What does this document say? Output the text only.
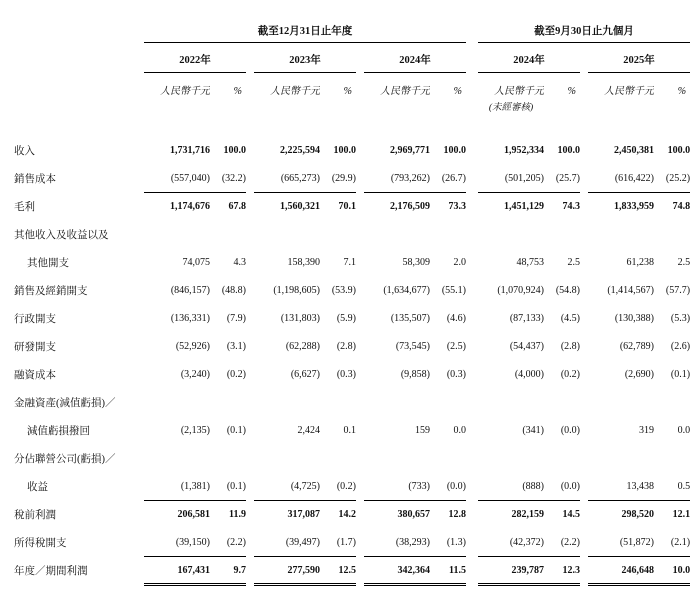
	截至12月31日止年度									截至9月30日止九個月				
	2022年			2023年			2024年			2024年			2025年	
	人民幣千元	%		人民幣千元	%		人民幣千元	%		人民幣千元	%		人民幣千元	%
										(未經審核)				

收入	1,731,716	100.0		2,225,594	100.0		2,969,771	100.0		1,952,334	100.0		2,450,381	100.0
銷售成本	(557,040)	(32.2)		(665,273)	(29.9)		(793,262)	(26.7)		(501,205)	(25.7)		(616,422)	(25.2)
毛利	1,174,676	67.8		1,560,321	70.1		2,176,509	73.3		1,451,129	74.3		1,833,959	74.8
其他收入及收益以及														
其他開支	74,075	4.3		158,390	7.1		58,309	2.0		48,753	2.5		61,238	2.5
銷售及經銷開支	(846,157)	(48.8)		(1,198,605)	(53.9)		(1,634,677)	(55.1)		(1,070,924)	(54.8)		(1,414,567)	(57.7)
行政開支	(136,331)	(7.9)		(131,803)	(5.9)		(135,507)	(4.6)		(87,133)	(4.5)		(130,388)	(5.3)
研發開支	(52,926)	(3.1)		(62,288)	(2.8)		(73,545)	(2.5)		(54,437)	(2.8)		(62,789)	(2.6)
融資成本	(3,240)	(0.2)		(6,627)	(0.3)		(9,858)	(0.3)		(4,000)	(0.2)		(2,690)	(0.1)
金融資產(減值虧損)／														
減值虧損撥回	(2,135)	(0.1)		2,424	0.1		159	0.0		(341)	(0.0)		319	0.0
分佔聯營公司(虧損)／														
收益	(1,381)	(0.1)		(4,725)	(0.2)		(733)	(0.0)		(888)	(0.0)		13,438	0.5
稅前利潤	206,581	11.9		317,087	14.2		380,657	12.8		282,159	14.5		298,520	12.1
所得稅開支	(39,150)	(2.2)		(39,497)	(1.7)		(38,293)	(1.3)		(42,372)	(2.2)		(51,872)	(2.1)
年度／期間利潤	167,431	9.7		277,590	12.5		342,364	11.5		239,787	12.3		246,648	10.0
